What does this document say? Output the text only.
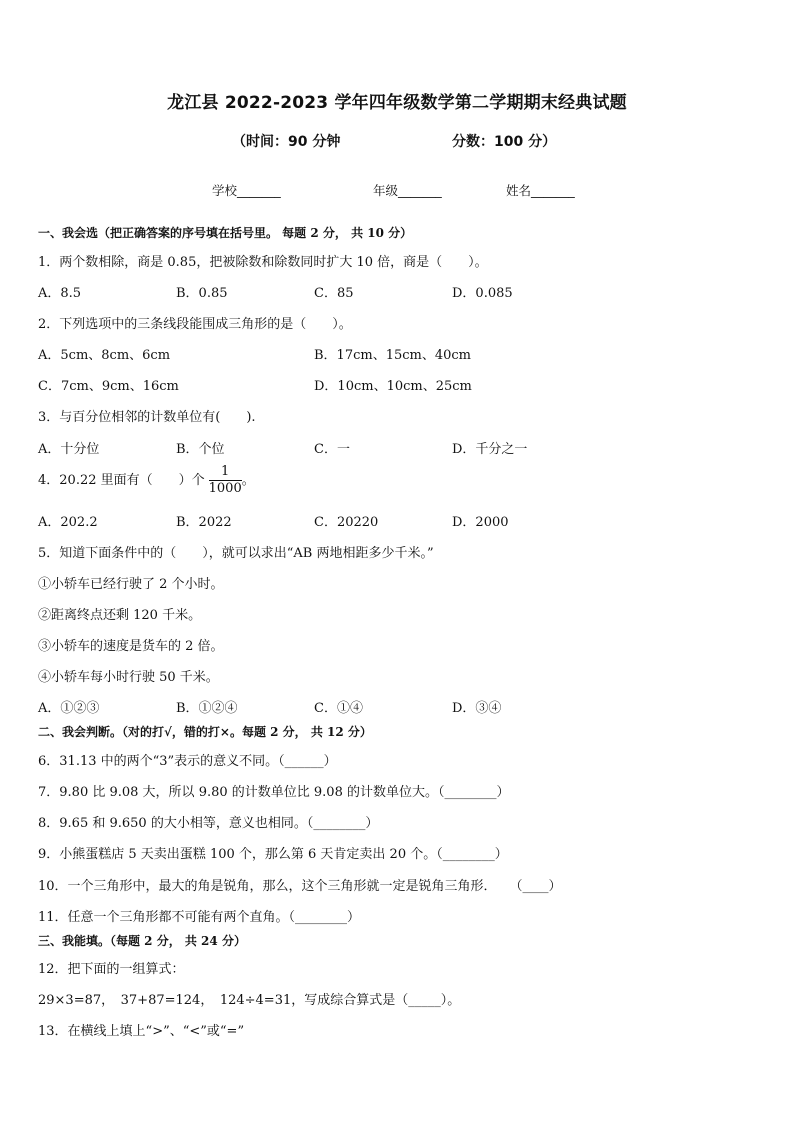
龙江县 2022-2023 学年四年级数学第二学期期末经典试题
（时间：90 分钟	分数：100 分）
学校_______	年级_______	姓名_______
一、我会选（把正确答案的序号填在括号里。 每题 2 分， 共 10 分）
1．两个数相除，商是 0.85，把被除数和除数同时扩大 10 倍，商是（　　）。
A．8.5	B．0.85	C．85	D．0.085
2．下列选项中的三条线段能围成三角形的是（　　）。
A．5cm、8cm、6cm	B．17cm、15cm、40cm
C．7cm、9cm、16cm	D．10cm、10cm、25cm
3．与百分位相邻的计数单位有(　　).
A．十分位	B．个位	C．一	D．千分之一
4．20.22 里面有（　　）个 $\frac{1}{1000}$ 。
A．202.2	B．2022	C．20220	D．2000
5．知道下面条件中的（　　），就可以求出“AB 两地相距多少千米。”
①小轿车已经行驶了 2 个小时。
②距离终点还剩 120 千米。
③小轿车的速度是货车的 2 倍。
④小轿车每小时行驶 50 千米。
A．①②③	B．①②④	C．①④	D．③④
二、我会判断。（对的打√，错的打×。每题 2 分， 共 12 分）
6．31.13 中的两个“3”表示的意义不同。（______）
7．9.80 比 9.08 大，所以 9.80 的计数单位比 9.08 的计数单位大。（________）
8．9.65 和 9.650 的大小相等，意义也相同。（________）
9．小熊蛋糕店 5 天卖出蛋糕 100 个，那么第 6 天肯定卖出 20 个。（________）
10．一个三角形中，最大的角是锐角，那么，这个三角形就一定是锐角三角形．　　（____）
11．任意一个三角形都不可能有两个直角。（________）
三、我能填。（每题 2 分， 共 24 分）
12．把下面的一组算式：
29×3=87，　37+87=124，　124÷4=31，写成综合算式是（_____）。
13．在横线上填上“>”、“<”或“=”
